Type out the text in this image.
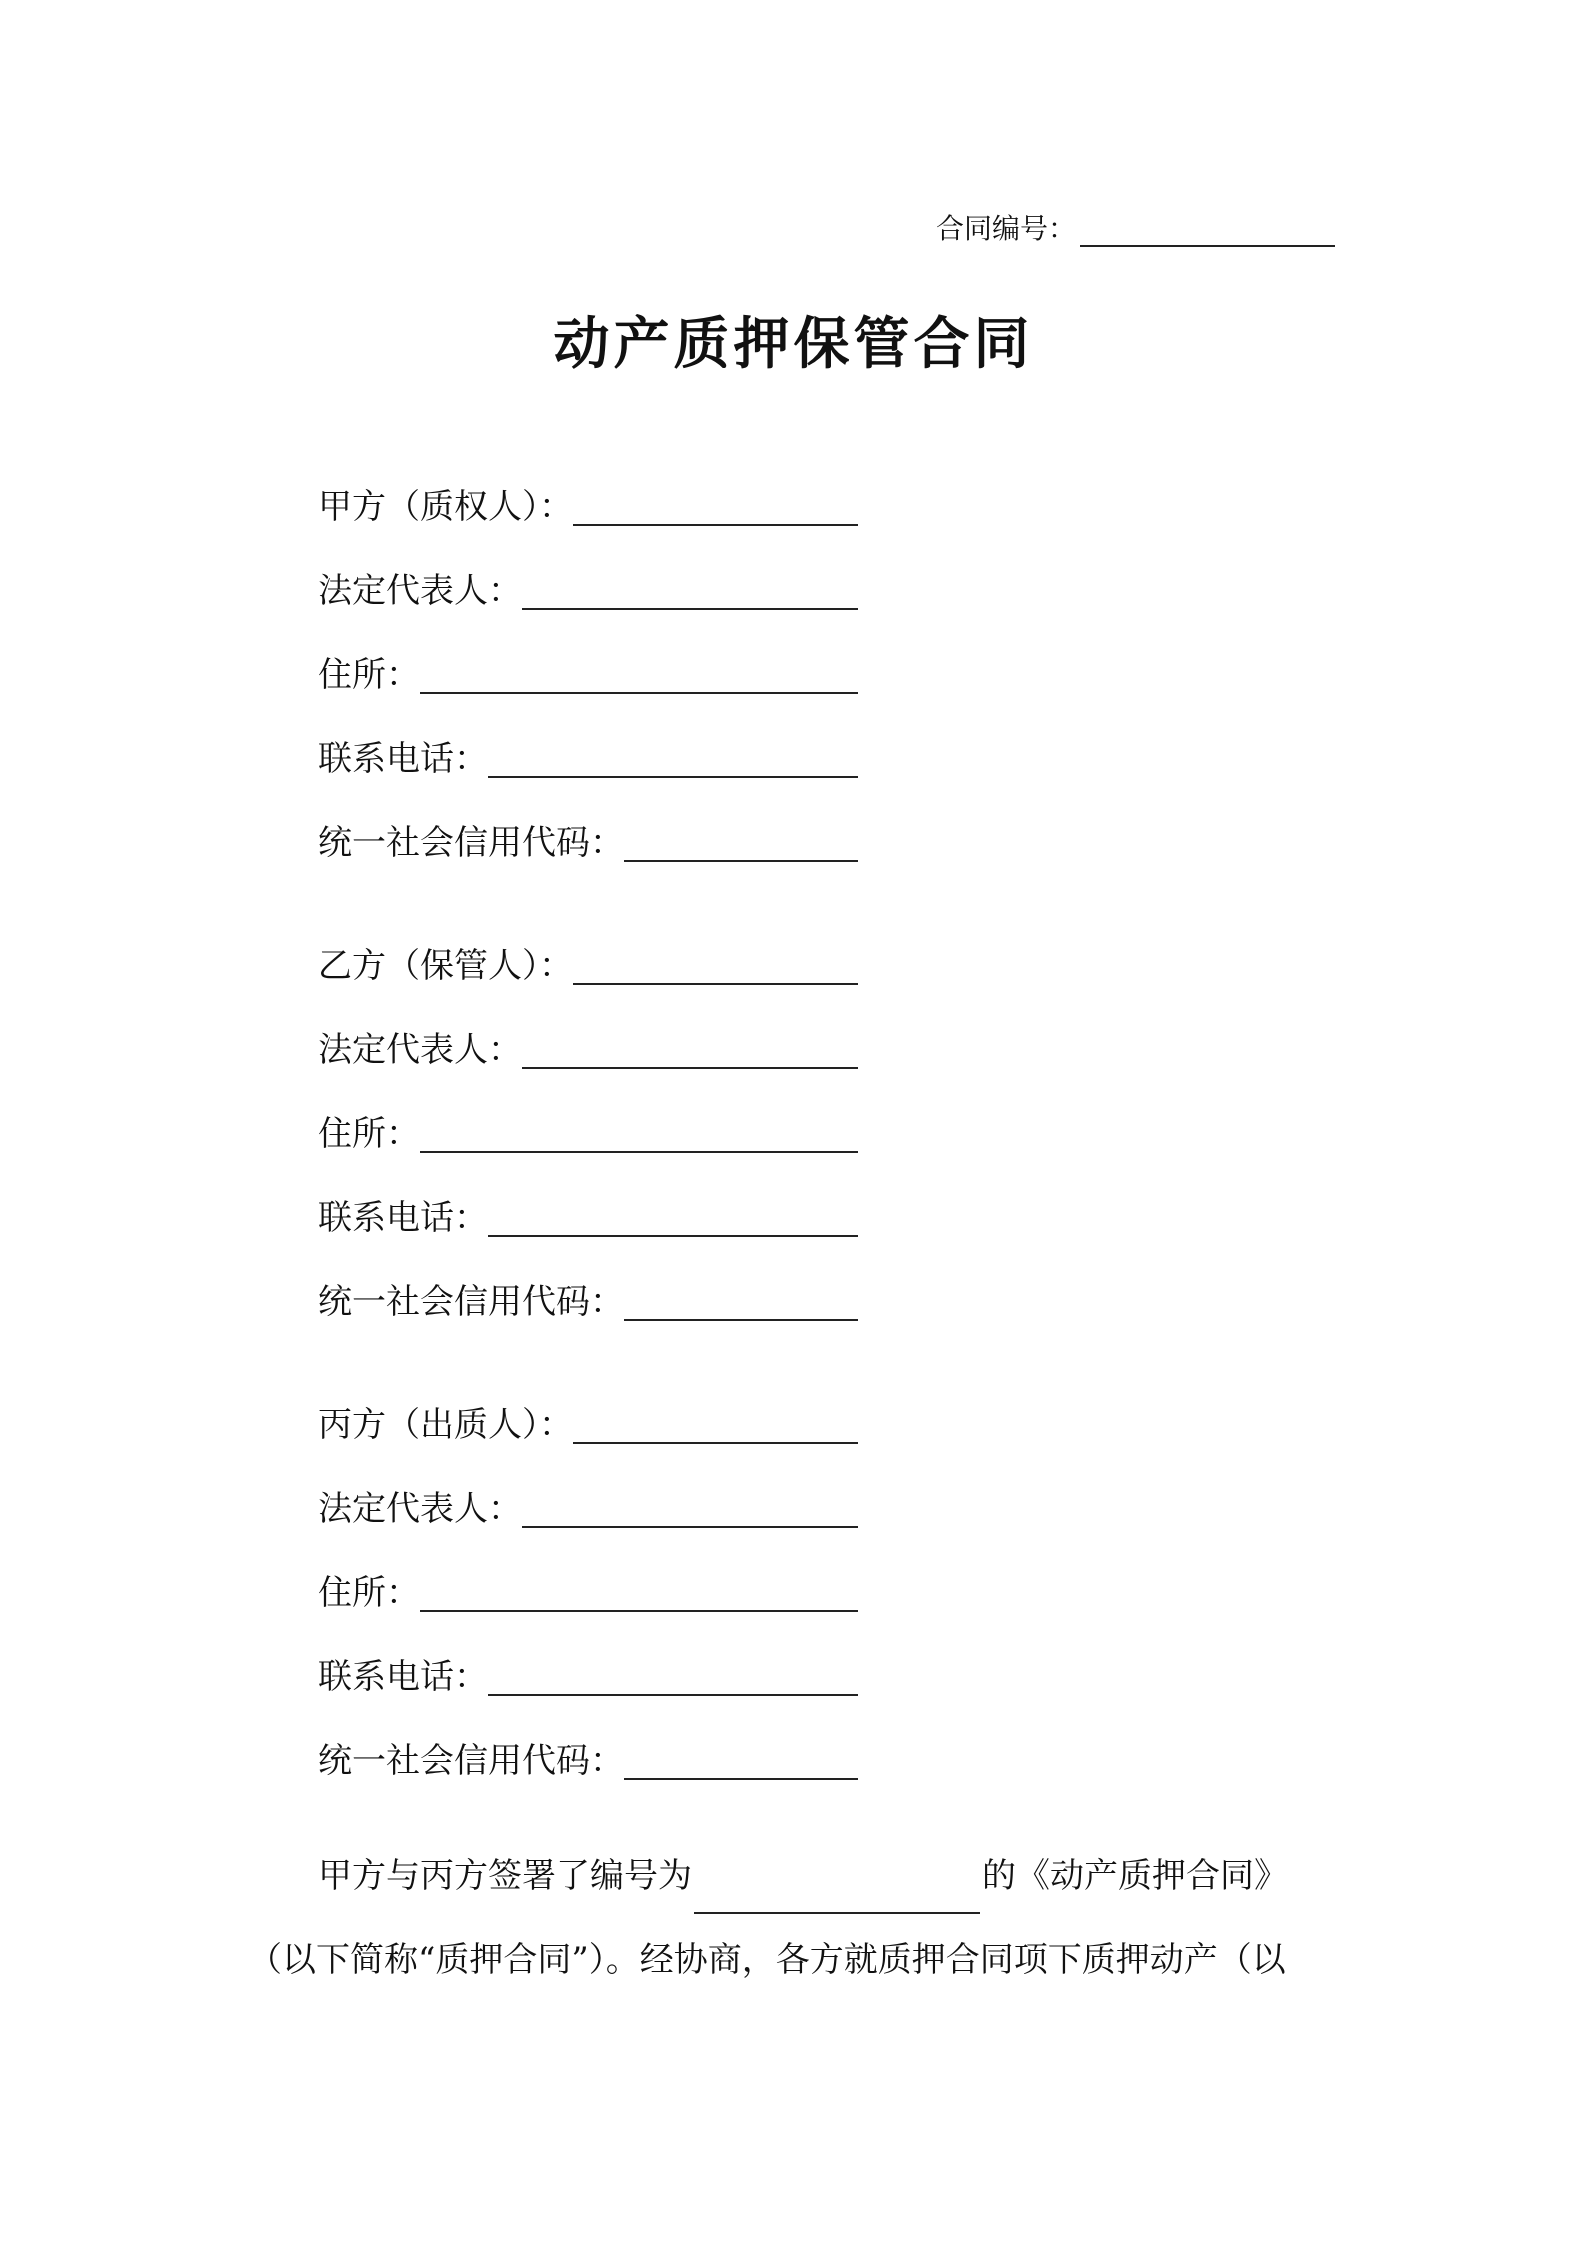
合同编号：
动产质押保管合同
甲方（质权人）：
法定代表人：
住所：
联系电话：
统一社会信用代码：
乙方（保管人）：
法定代表人：
住所：
联系电话：
统一社会信用代码：
丙方（出质人）：
法定代表人：
住所：
联系电话：
统一社会信用代码：
甲方与丙方签署了编号为	的《动产质押合同》
（以下简称“质押合同”）。经协商，各方就质押合同项下质押动产（以
